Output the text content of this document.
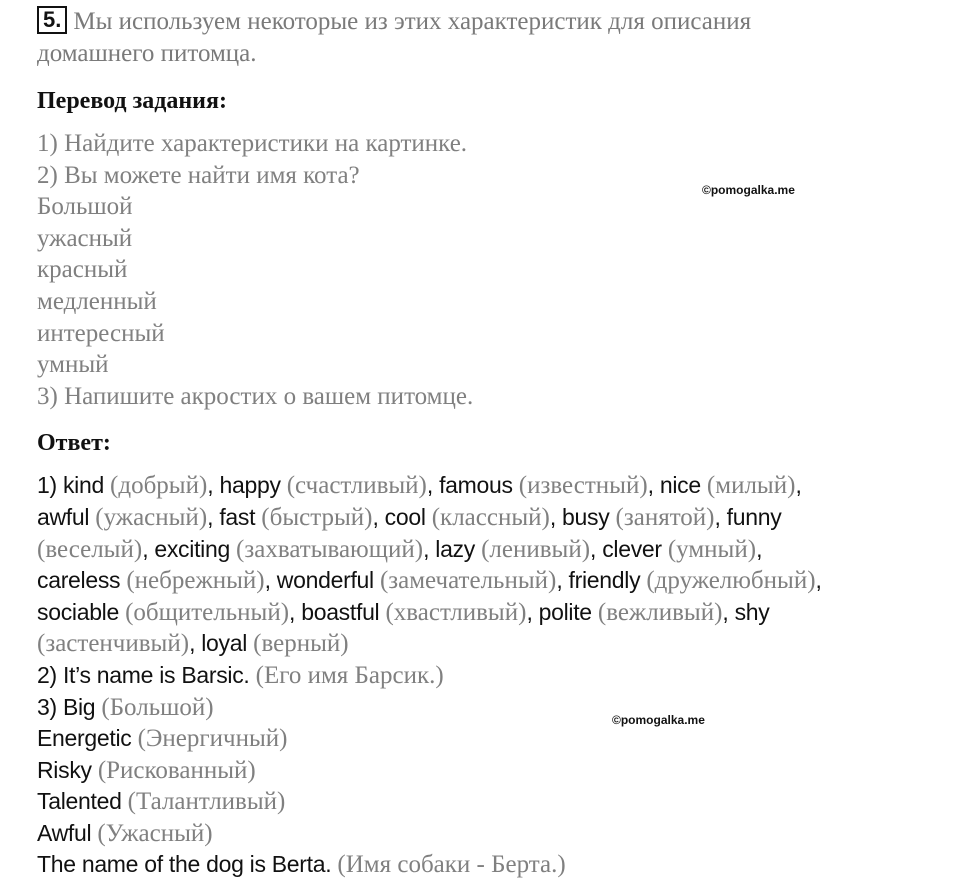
5. Мы используем некоторые из этих характеристик для описания
домашнего питомца.
Перевод задания:
1) Найдите характеристики на картинке.
2) Вы можете найти имя кота?
Большой
ужасный
красный
медленный
интересный
умный
3) Напишите акростих о вашем питомце.
Ответ:
1) kind (добрый), happy (счастливый), famous (известный), nice (милый),
awful (ужасный), fast (быстрый), cool (классный), busy (занятой), funny
(веселый), exciting (захватывающий), lazy (ленивый), clever (умный),
careless (небрежный), wonderful (замечательный), friendly (дружелюбный),
sociable (общительный), boastful (хвастливый), polite (вежливый), shy
(застенчивый), loyal (верный)
2) It’s name is Barsic. (Его имя Барсик.)
3) Big (Большой)
Energetic (Энергичный)
Risky (Рискованный)
Talented (Талантливый)
Awful (Ужасный)
The name of the dog is Berta. (Имя собаки - Берта.)
©pomogalka.me
©pomogalka.me
